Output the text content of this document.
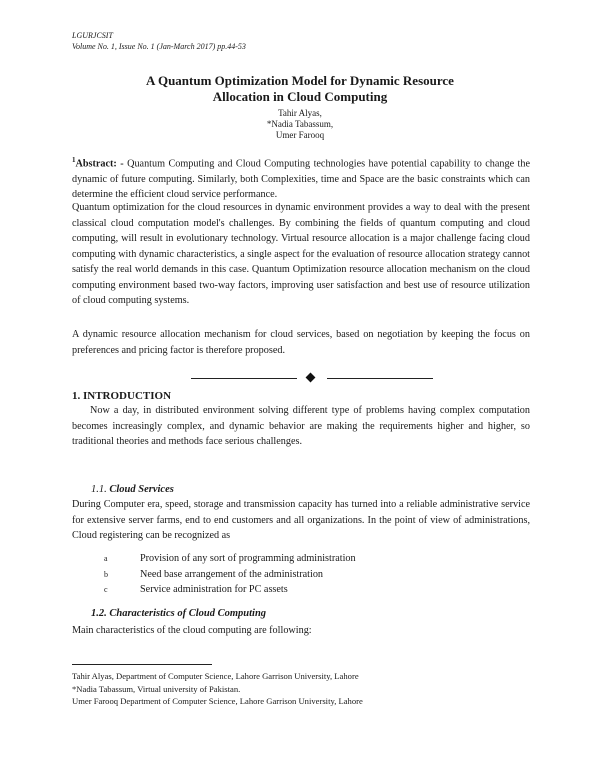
LGURJCSIT
Volume No. 1, Issue No. 1 (Jan-March 2017) pp.44-53
A Quantum Optimization Model for Dynamic Resource
Allocation in Cloud Computing
Tahir Alyas,
*Nadia Tabassum,
Umer Farooq

$^1$Abstract: - Quantum Computing and Cloud Computing technologies have potential capability to change the dynamic of future computing. Similarly, both Complexities, time and Space are the basic constraints which can determine the efficient cloud service performance.

Quantum optimization for the cloud resources in dynamic environment provides a way to deal with the present classical cloud computation model's challenges. By combining the fields of quantum computing and cloud computing, will result in evolutionary technology. Virtual resource allocation is a major challenge facing cloud computing with dynamic characteristics, a single aspect for the evaluation of resource allocation strategy cannot satisfy the real world demands in this case. Quantum Optimization resource allocation mechanism on the cloud computing environment based two-way factors, improving user satisfaction and best use of resource utilization of cloud computing systems.

A dynamic resource allocation mechanism for cloud services, based on negotiation by keeping the focus on preferences and pricing factor is therefore proposed.

1. INTRODUCTION

Now a day, in distributed environment solving different type of problems having complex computation becomes increasingly complex, and dynamic behavior are making the requirements higher and higher, so traditional theories and methods face serious challenges.

1.1. Cloud Services

During Computer era, speed, storage and transmission capacity has turned into a reliable administrative service for extensive server farms, end to end customers and all organizations. In the point of view of administrations, Cloud registering can be recognized as

a	Provision of any sort of programming administration
b	Need base arrangement of the administration
c	Service administration for PC assets
1.2. Characteristics of Cloud Computing

Main characteristics of the cloud computing are following:

Tahir Alyas, Department of Computer Science, Lahore Garrison University, Lahore
*Nadia Tabassum, Virtual university of Pakistan.
Umer Farooq Department of Computer Science, Lahore Garrison University, Lahore
